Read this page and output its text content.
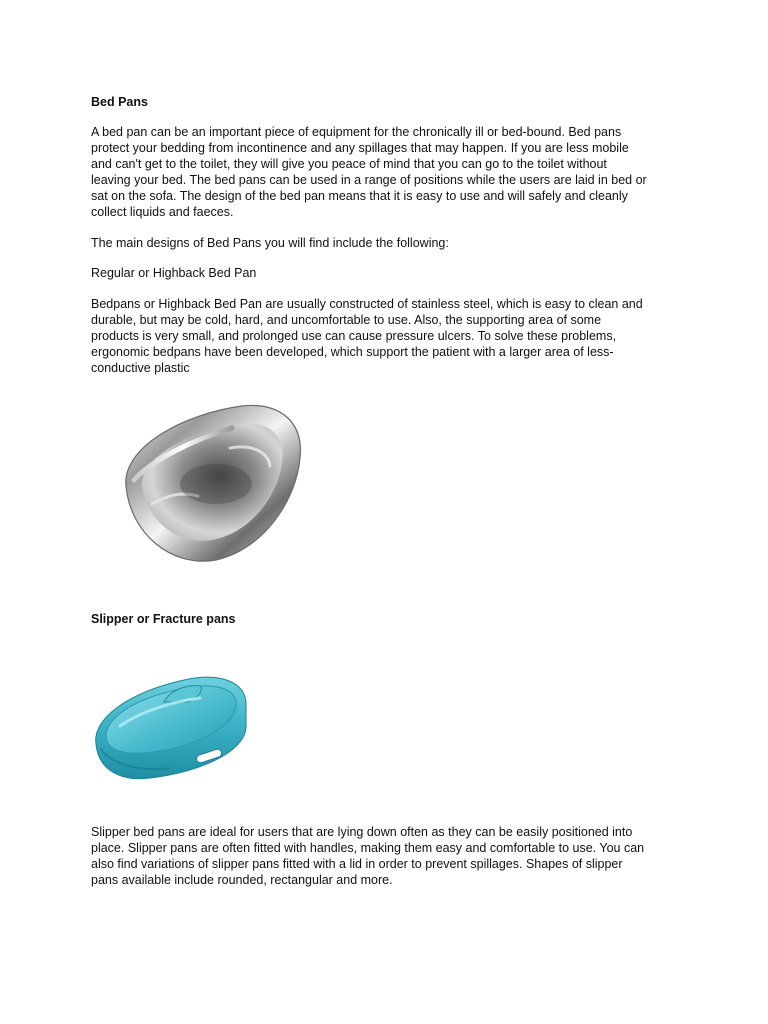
Bed Pans
A bed pan can be an important piece of equipment for the chronically ill or bed-bound. Bed pans
protect your bedding from incontinence and any spillages that may happen. If you are less mobile
and can't get to the toilet, they will give you peace of mind that you can go to the toilet without
leaving your bed. The bed pans can be used in a range of positions while the users are laid in bed or
sat on the sofa. The design of the bed pan means that it is easy to use and will safely and cleanly
collect liquids and faeces.
The main designs of Bed Pans you will find include the following:
Regular or Highback Bed Pan
Bedpans or Highback Bed Pan are usually constructed of stainless steel, which is easy to clean and
durable, but may be cold, hard, and uncomfortable to use. Also, the supporting area of some
products is very small, and prolonged use can cause pressure ulcers. To solve these problems,
ergonomic bedpans have been developed, which support the patient with a larger area of less-
conductive plastic
Slipper or Fracture pans
Slipper bed pans are ideal for users that are lying down often as they can be easily positioned into
place. Slipper pans are often fitted with handles, making them easy and comfortable to use. You can
also find variations of slipper pans fitted with a lid in order to prevent spillages. Shapes of slipper
pans available include rounded, rectangular and more.
